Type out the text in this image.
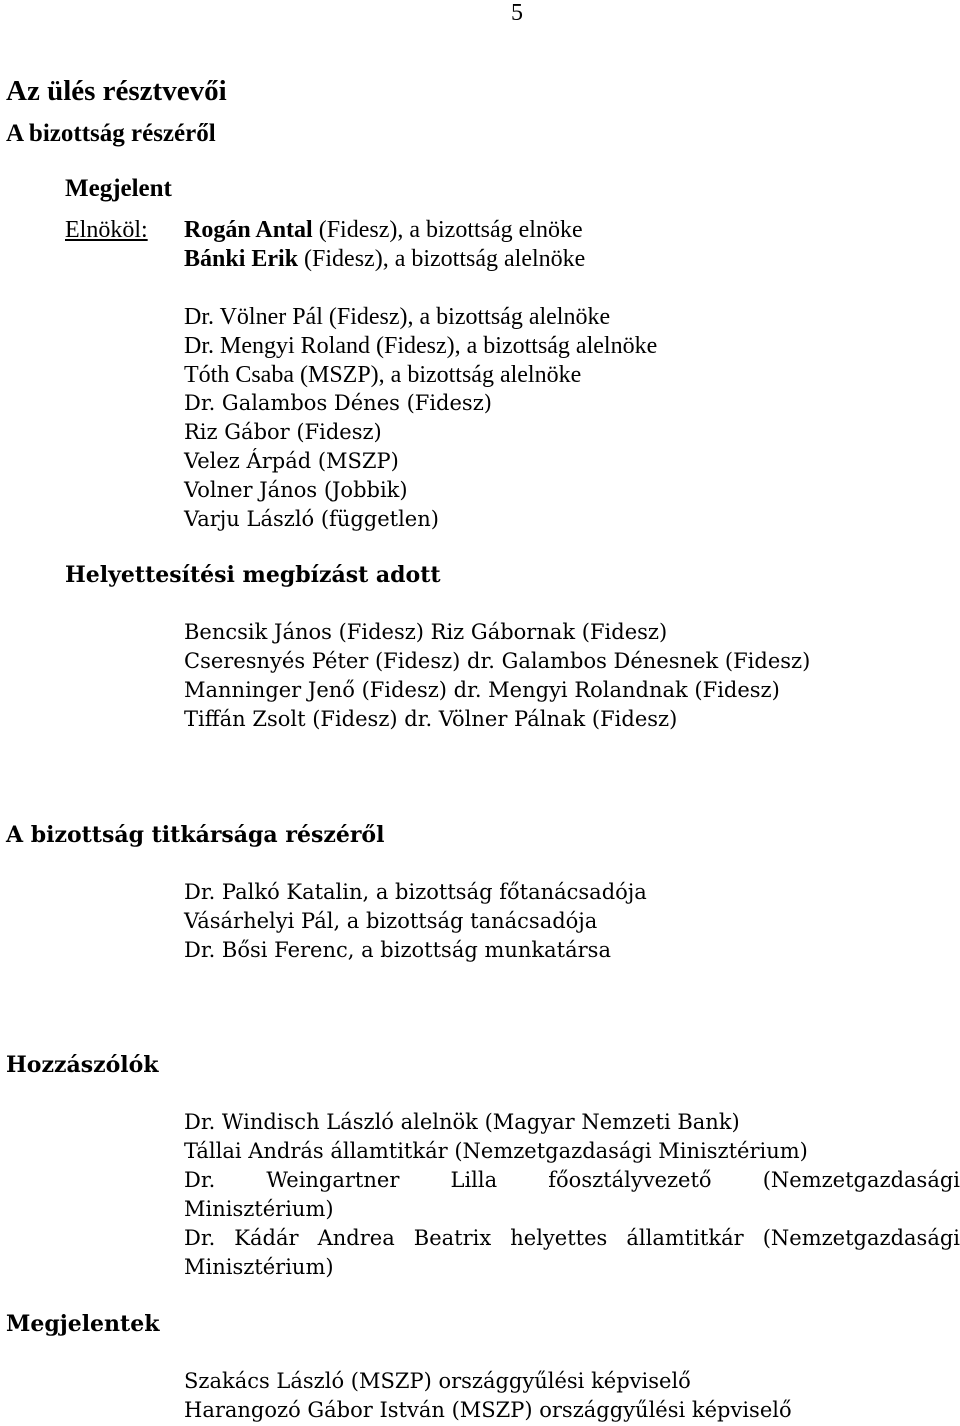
5
Az ülés résztvevői
A bizottság részéről
Megjelent
Elnököl: Rogán Antal (Fidesz), a bizottság elnöke
Bánki Erik (Fidesz), a bizottság alelnöke
Dr. Völner Pál (Fidesz), a bizottság alelnöke
Dr. Mengyi Roland (Fidesz), a bizottság alelnöke
Tóth Csaba (MSZP), a bizottság alelnöke
Dr. Galambos Dénes (Fidesz)
Riz Gábor (Fidesz)
Velez Árpád (MSZP)
Volner János (Jobbik)
Varju László (független)
Helyettesítési megbízást adott
Bencsik János (Fidesz) Riz Gábornak (Fidesz)
Cseresnyés Péter (Fidesz) dr. Galambos Dénesnek (Fidesz)
Manninger Jenő (Fidesz) dr. Mengyi Rolandnak (Fidesz)
Tiffán Zsolt (Fidesz) dr. Völner Pálnak (Fidesz)
A bizottság titkársága részéről
Dr. Palkó Katalin, a bizottság főtanácsadója
Vásárhelyi Pál, a bizottság tanácsadója
Dr. Bősi Ferenc, a bizottság munkatársa
Hozzászólók
Dr. Windisch László alelnök (Magyar Nemzeti Bank)
Tállai András államtitkár (Nemzetgazdasági Minisztérium)
Dr. Weingartner Lilla főosztályvezető (Nemzetgazdasági
Minisztérium)
Dr. Kádár Andrea Beatrix helyettes államtitkár (Nemzetgazdasági
Minisztérium)
Megjelentek
Szakács László (MSZP) országgyűlési képviselő
Harangozó Gábor István (MSZP) országgyűlési képviselő
